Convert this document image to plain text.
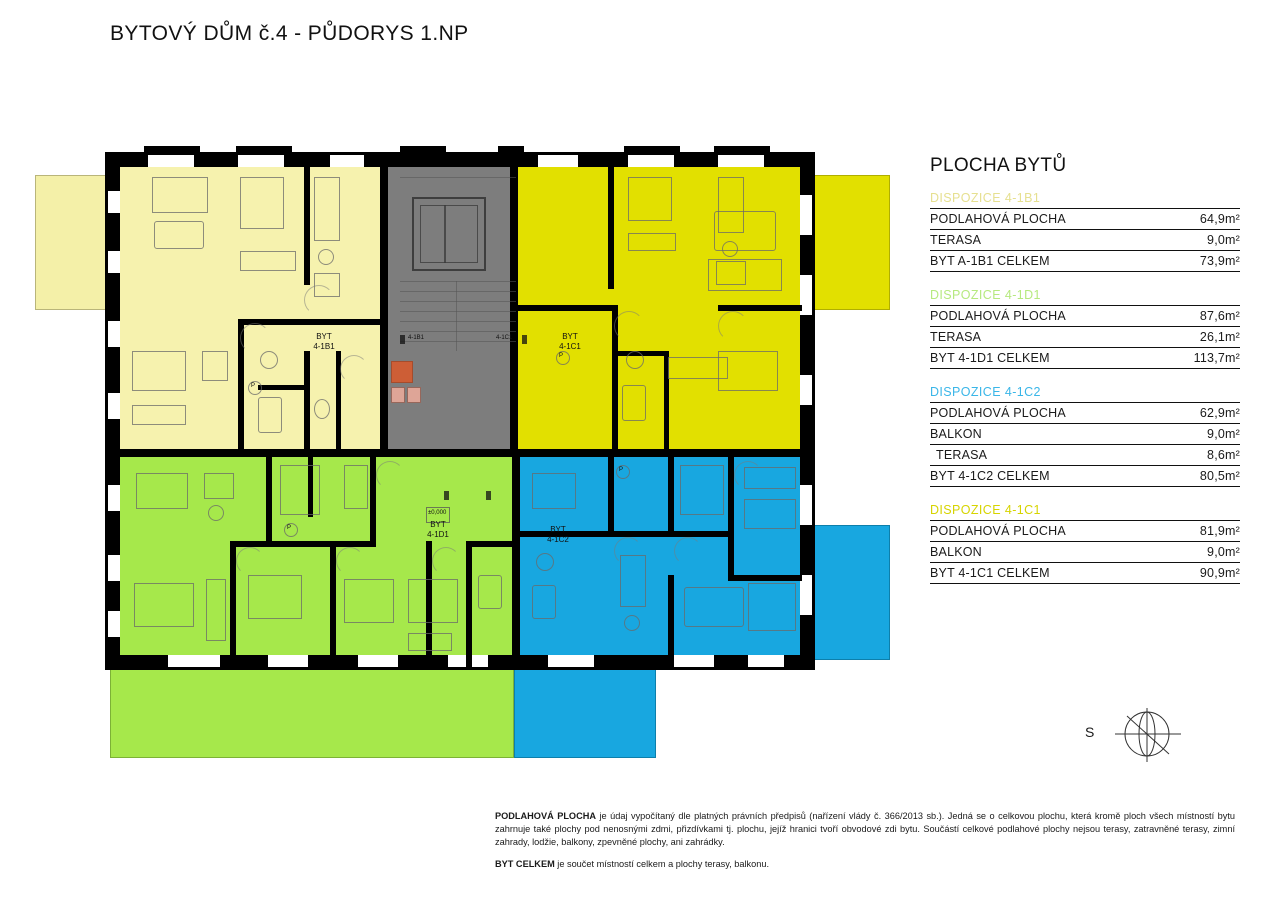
BYTOVÝ DŮM č.4 - PŮDORYS 1.NP
P
P
P
±0,000
P
4-1B1	4-1C1
BYT
4-1B1
BYT
4-1C1
BYT
4-1D1
BYT
4-1C2
PLOCHA BYTŮ
DISPOZICE 4-1B1
PODLAHOVÁ PLOCHA	64,9m²
TERASA	9,0m²
BYT A-1B1 CELKEM	73,9m²
DISPOZICE 4-1D1
PODLAHOVÁ PLOCHA	87,6m²
TERASA	26,1m²
BYT 4-1D1 CELKEM	113,7m²
DISPOZICE 4-1C2
PODLAHOVÁ PLOCHA	62,9m²
BALKON	9,0m²
TERASA	8,6m²
BYT 4-1C2 CELKEM	80,5m²
DISPOZICE 4-1C1
PODLAHOVÁ PLOCHA	81,9m²
BALKON	9,0m²
BYT 4-1C1 CELKEM	90,9m²
S

PODLAHOVÁ PLOCHA je údaj vypočítaný dle platných právních předpisů (nařízení vlády č. 366/2013 sb.). Jedná se o celkovou plochu, která kromě ploch všech místností bytu zahrnuje také plochy pod nenosnými zdmi, přizdívkami tj. plochu, jejíž hranici tvoří obvodové zdi bytu. Součástí celkové podlahové plochy nejsou terasy, zatravněné terasy, zimní zahrady, lodžie, balkony, zpevněné plochy, ani zahrádky.

BYT CELKEM je součet místností celkem a plochy terasy, balkonu.
